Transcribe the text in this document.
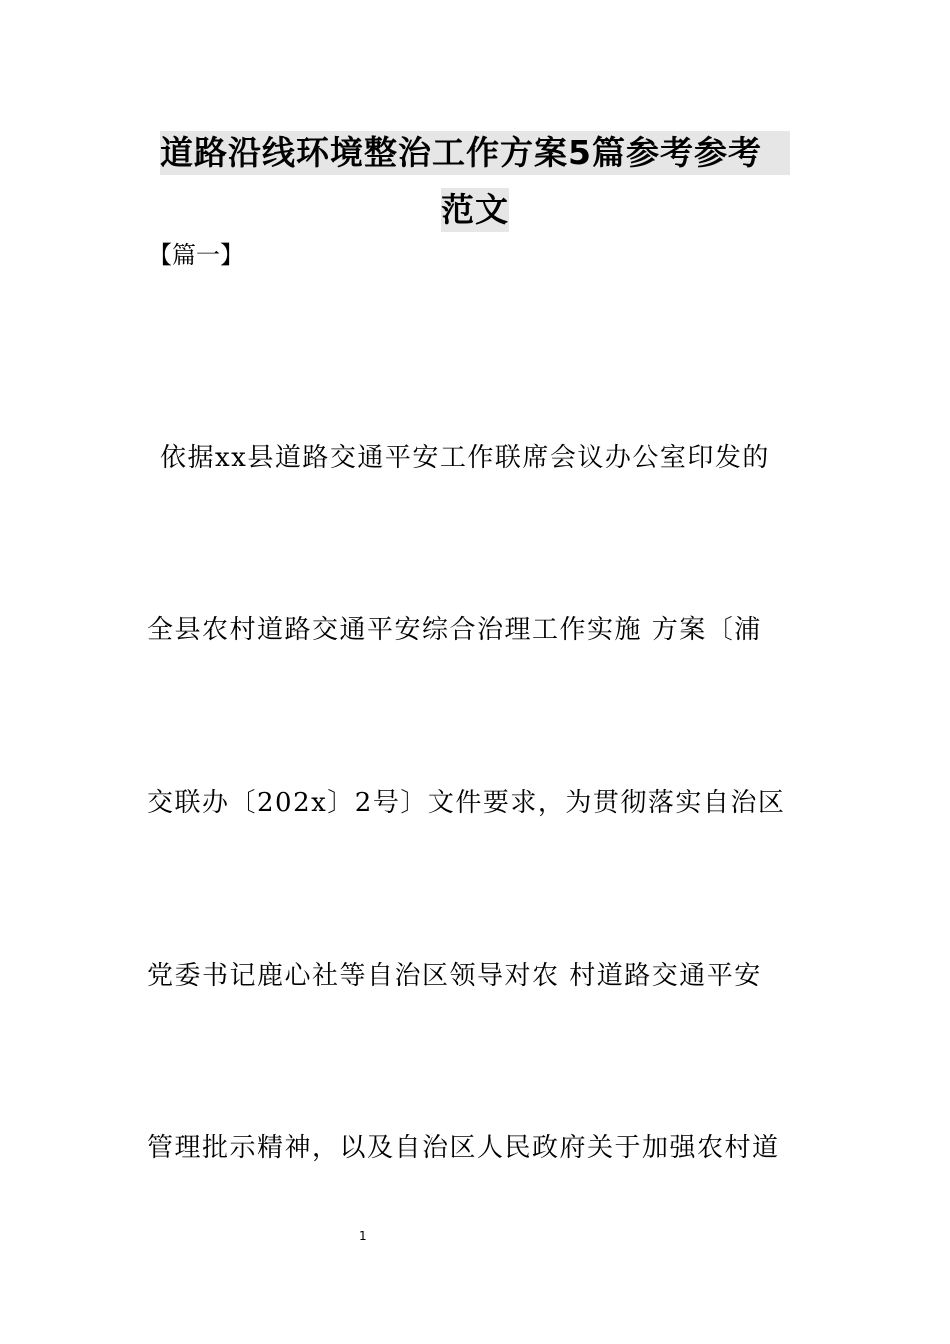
道路沿线环境整治工作方案5篇参考参考
范文
【篇一】
依据xx县道路交通平安工作联席会议办公室印发的
全县农村道路交通平安综合治理工作实施 方案〔浦
交联办〔202x〕2号〕文件要求，为贯彻落实自治区
党委书记鹿心社等自治区领导对农 村道路交通平安
管理批示精神，以及自治区人民政府关于加强农村道
1
